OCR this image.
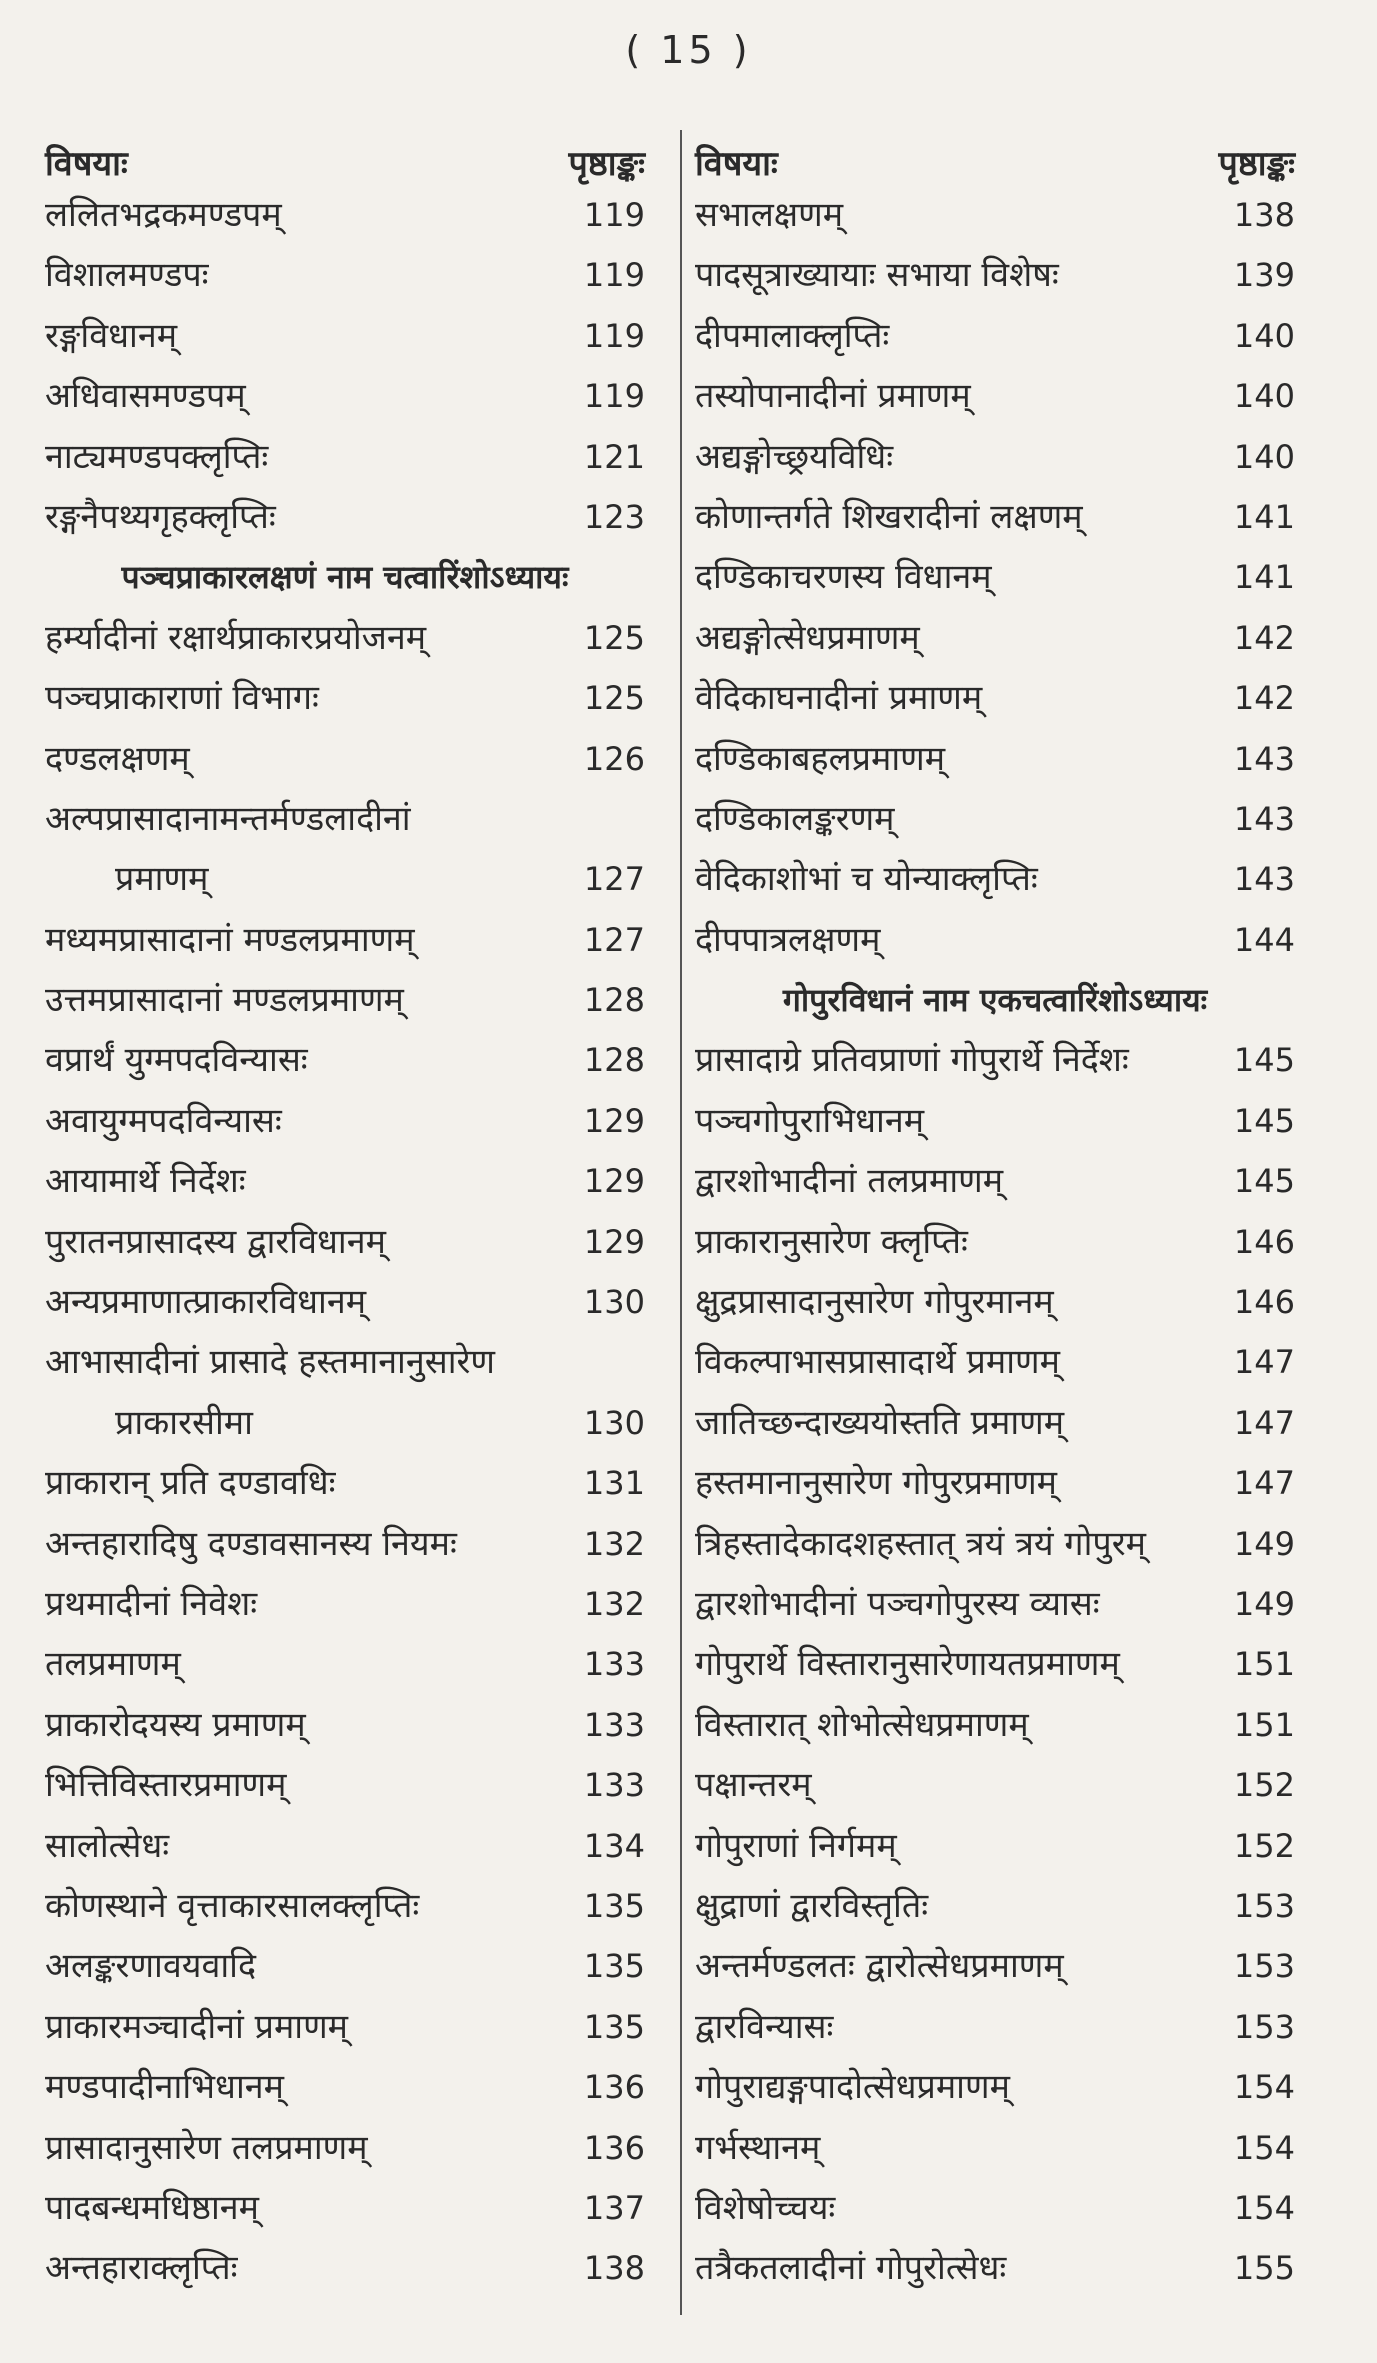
( 15 )
विषयाः	पृष्ठाङ्कः
ललितभद्रकमण्डपम्	119
विशालमण्डपः	119
रङ्गविधानम्	119
अधिवासमण्डपम्	119
नाट्यमण्डपक्लृप्तिः	121
रङ्गनैपथ्यगृहक्लृप्तिः	123
पञ्चप्राकारलक्षणं नाम चत्वारिंशोऽध्यायः
हर्म्यादीनां रक्षार्थप्राकारप्रयोजनम्	125
पञ्चप्राकाराणां विभागः	125
दण्डलक्षणम्	126
अल्पप्रासादानामन्तर्मण्डलादीनां
प्रमाणम्	127
मध्यमप्रासादानां मण्डलप्रमाणम्	127
उत्तमप्रासादानां मण्डलप्रमाणम्	128
वप्रार्थं युग्मपदविन्यासः	128
अवायुग्मपदविन्यासः	129
आयामार्थे निर्देशः	129
पुरातनप्रासादस्य द्वारविधानम्	129
अन्यप्रमाणात्प्राकारविधानम्	130
आभासादीनां प्रासादे हस्तमानानुसारेण
प्राकारसीमा	130
प्राकारान् प्रति दण्डावधिः	131
अन्तहारादिषु दण्डावसानस्य नियमः	132
प्रथमादीनां निवेशः	132
तलप्रमाणम्	133
प्राकारोदयस्य प्रमाणम्	133
भित्तिविस्तारप्रमाणम्	133
सालोत्सेधः	134
कोणस्थाने वृत्ताकारसालक्लृप्तिः	135
अलङ्करणावयवादि	135
प्राकारमञ्चादीनां प्रमाणम्	135
मण्डपादीनाभिधानम्	136
प्रासादानुसारेण तलप्रमाणम्	136
पादबन्धमधिष्ठानम्	137
अन्तहाराक्लृप्तिः	138
विषयाः	पृष्ठाङ्कः
सभालक्षणम्	138
पादसूत्राख्यायाः सभाया विशेषः	139
दीपमालाक्लृप्तिः	140
तस्योपानादीनां प्रमाणम्	140
अद्यङ्गोच्छ्रयविधिः	140
कोणान्तर्गते शिखरादीनां लक्षणम्	141
दण्डिकाचरणस्य विधानम्	141
अद्यङ्गोत्सेधप्रमाणम्	142
वेदिकाघनादीनां प्रमाणम्	142
दण्डिकाबहलप्रमाणम्	143
दण्डिकालङ्करणम्	143
वेदिकाशोभां च योन्याक्लृप्तिः	143
दीपपात्रलक्षणम्	144
गोपुरविधानं नाम एकचत्वारिंशोऽध्यायः
प्रासादाग्रे प्रतिवप्राणां गोपुरार्थे निर्देशः	145
पञ्चगोपुराभिधानम्	145
द्वारशोभादीनां तलप्रमाणम्	145
प्राकारानुसारेण क्लृप्तिः	146
क्षुद्रप्रासादानुसारेण गोपुरमानम्	146
विकल्पाभासप्रासादार्थे प्रमाणम्	147
जातिच्छन्दाख्ययोस्तति प्रमाणम्	147
हस्तमानानुसारेण गोपुरप्रमाणम्	147
त्रिहस्तादेकादशहस्तात् त्रयं त्रयं गोपुरम्	149
द्वारशोभादीनां पञ्चगोपुरस्य व्यासः	149
गोपुरार्थे विस्तारानुसारेणायतप्रमाणम्	151
विस्तारात् शोभोत्सेधप्रमाणम्	151
पक्षान्तरम्	152
गोपुराणां निर्गमम्	152
क्षुद्राणां द्वारविस्तृतिः	153
अन्तर्मण्डलतः द्वारोत्सेधप्रमाणम्	153
द्वारविन्यासः	153
गोपुराद्यङ्गपादोत्सेधप्रमाणम्	154
गर्भस्थानम्	154
विशेषोच्चयः	154
तत्रैकतलादीनां गोपुरोत्सेधः	155
